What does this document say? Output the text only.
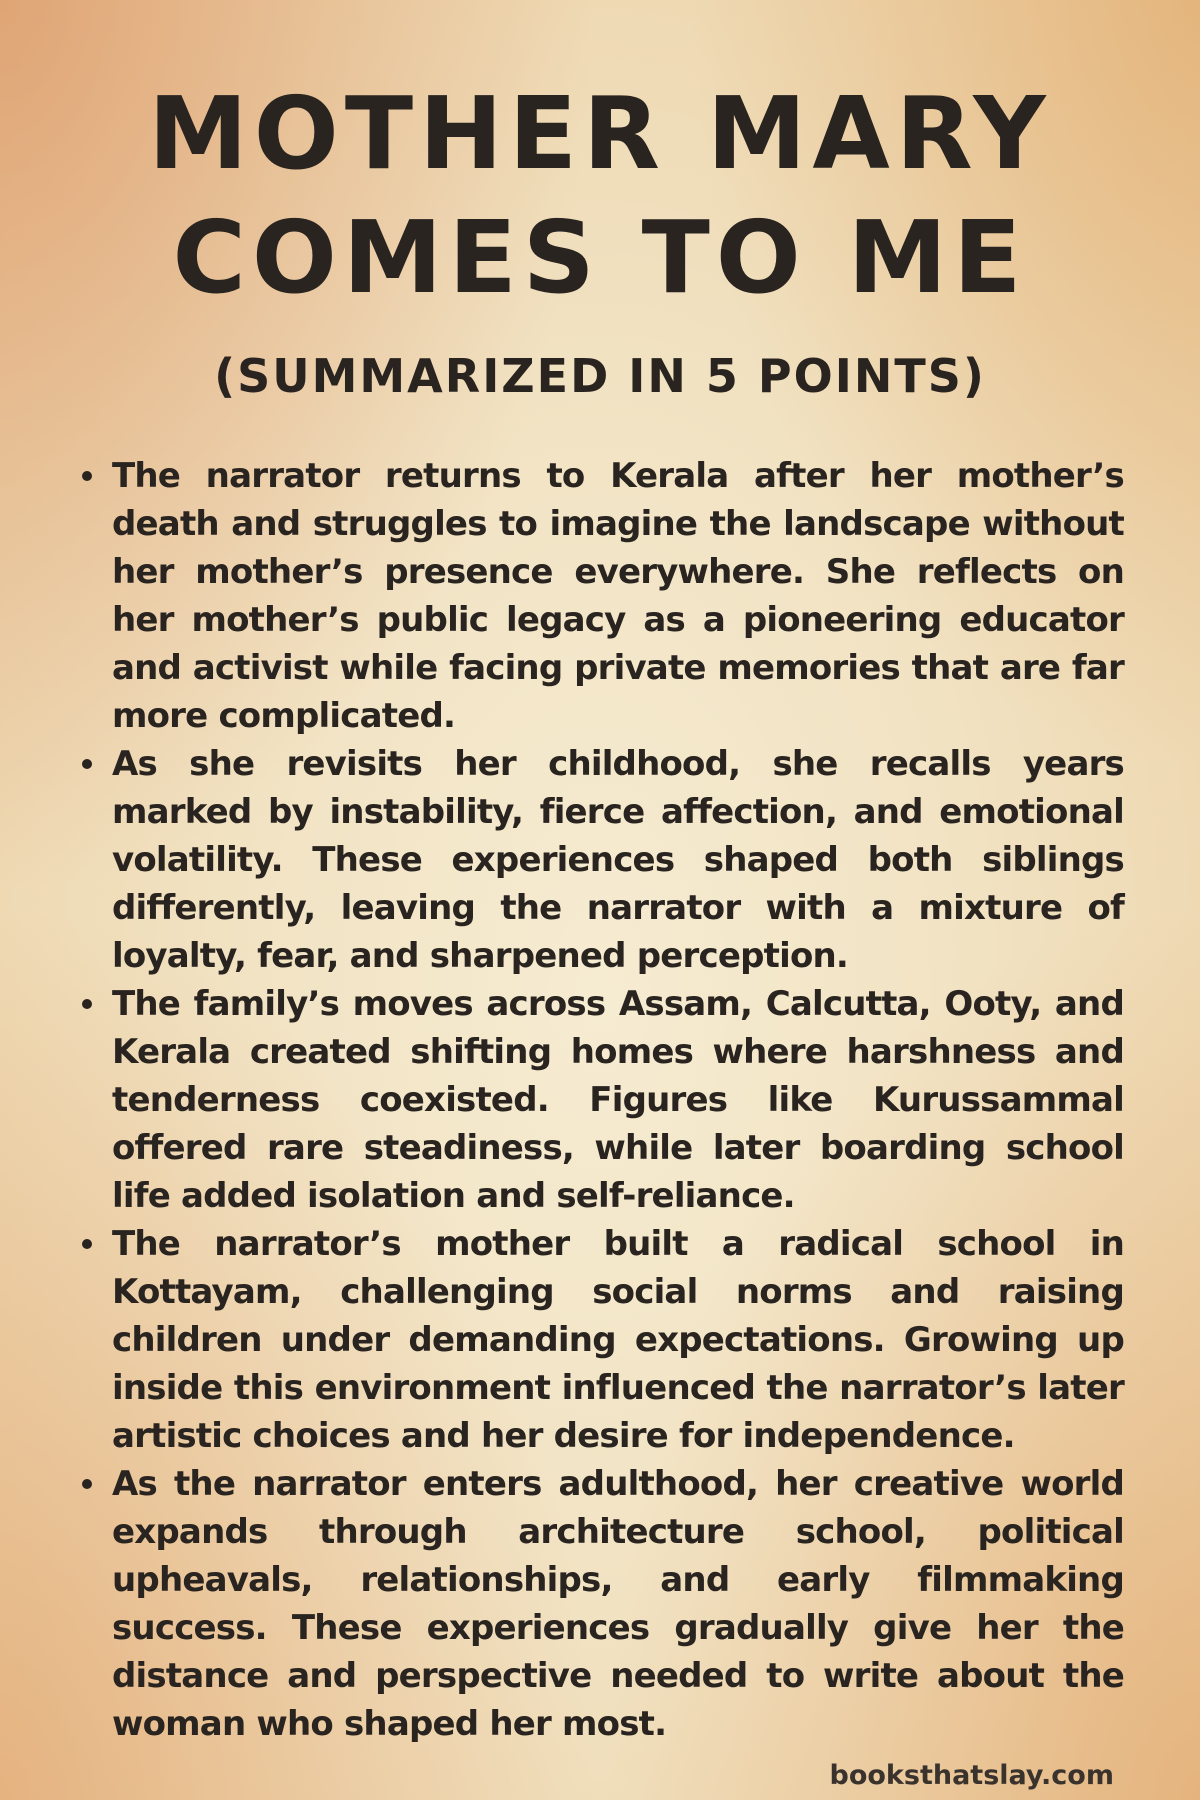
MOTHER MARY
COMES TO ME
(SUMMARIZED IN 5 POINTS)
The narrator returns to Kerala after her mother’s death and struggles to imagine the landscape without her mother’s presence everywhere. She reflects on her mother’s public legacy as a pioneering educator and activist while facing private memories that are far more complicated.
As she revisits her childhood, she recalls years marked by instability, fierce affection, and emotional volatility. These experiences shaped both siblings differently, leaving the narrator with a mixture of loyalty, fear, and sharpened perception.
The family’s moves across Assam, Calcutta, Ooty, and Kerala created shifting homes where harshness and tenderness coexisted. Figures like Kurussammal offered rare steadiness, while later boarding school life added isolation and self-reliance.
The narrator’s mother built a radical school in Kottayam, challenging social norms and raising children under demanding expectations. Growing up inside this environment influenced the narrator’s later artistic choices and her desire for independence.
As the narrator enters adulthood, her creative world expands through architecture school, political upheavals, relationships, and early filmmaking success. These experiences gradually give her the distance and perspective needed to write about the woman who shaped her most.
booksthatslay.com
